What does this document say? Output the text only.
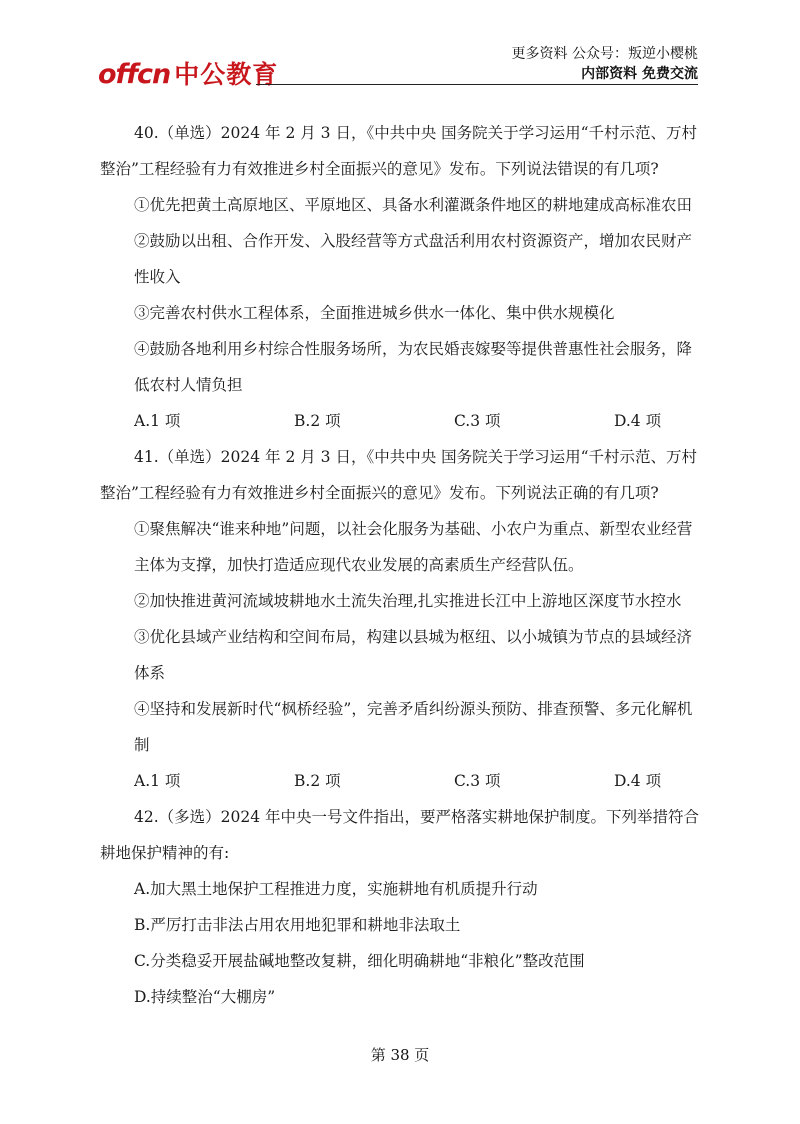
offcn 中公教育
更多资料 公众号：叛逆小樱桃
内部资料 免费交流
40.（单选）2024 年 2 月 3 日，《中共中央 国务院关于学习运用“千村示范、万村整治”工程经验有力有效推进乡村全面振兴的意见》发布。下列说法错误的有几项?
①优先把黄土高原地区、平原地区、具备水利灌溉条件地区的耕地建成高标准农田
②鼓励以出租、合作开发、入股经营等方式盘活利用农村资源资产，增加农民财产性收入
③完善农村供水工程体系，全面推进城乡供水一体化、集中供水规模化
④鼓励各地利用乡村综合性服务场所，为农民婚丧嫁娶等提供普惠性社会服务，降低农村人情负担
A.1 项	B.2 项	C.3 项	D.4 项
41.（单选）2024 年 2 月 3 日，《中共中央 国务院关于学习运用“千村示范、万村整治”工程经验有力有效推进乡村全面振兴的意见》发布。下列说法正确的有几项?
①聚焦解决“谁来种地”问题，以社会化服务为基础、小农户为重点、新型农业经营主体为支撑，加快打造适应现代农业发展的高素质生产经营队伍。
②加快推进黄河流域坡耕地水土流失治理,扎实推进长江中上游地区深度节水控水
③优化县域产业结构和空间布局，构建以县城为枢纽、以小城镇为节点的县域经济体系
④坚持和发展新时代“枫桥经验”，完善矛盾纠纷源头预防、排查预警、多元化解机制
A.1 项	B.2 项	C.3 项	D.4 项
42.（多选）2024 年中央一号文件指出，要严格落实耕地保护制度。下列举措符合耕地保护精神的有:
A.加大黑土地保护工程推进力度，实施耕地有机质提升行动
B.严厉打击非法占用农用地犯罪和耕地非法取土
C.分类稳妥开展盐碱地整改复耕，细化明确耕地“非粮化”整改范围
D.持续整治“大棚房”
第 38 页
